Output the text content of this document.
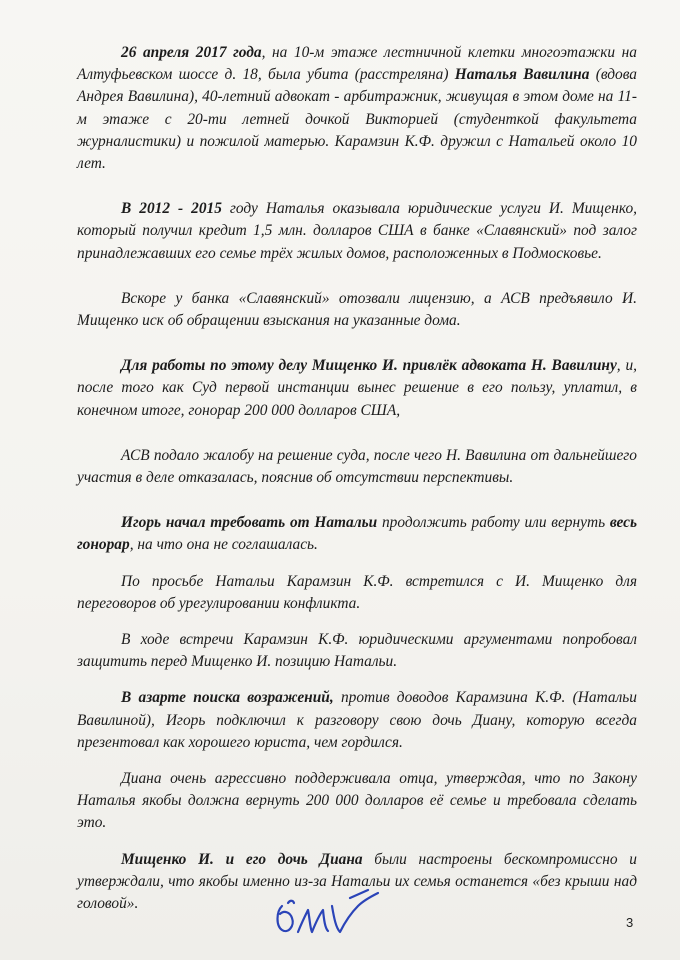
26 апреля 2017 года, на 10-м этаже лестничной клетки многоэтажки на Алтуфьевском шоссе д. 18, была убита (расстреляна) Наталья Вавилина (вдова Андрея Вавилина), 40-летний адвокат - арбитражник, живущая в этом доме на 11-м этаже с 20-ти летней дочкой Викторией (студенткой факультета журналистики) и пожилой матерью. Карамзин К.Ф. дружил с Натальей около 10 лет.

В 2012 - 2015 году Наталья оказывала юридические услуги И. Мищенко, который получил кредит 1,5 млн. долларов США в банке «Славянский» под залог принадлежавших его семье трёх жилых домов, расположенных в Подмосковье.

Вскоре у банка «Славянский» отозвали лицензию, а АСВ предъявило И. Мищенко иск об обращении взыскания на указанные дома.

Для работы по этому делу Мищенко И. привлёк адвоката Н. Вавилину, и, после того как Суд первой инстанции вынес решение в его пользу, уплатил, в конечном итоге, гонорар 200 000 долларов США,

АСВ подало жалобу на решение суда, после чего Н. Вавилина от дальнейшего участия в деле отказалась, пояснив об отсутствии перспективы.

Игорь начал требовать от Натальи продолжить работу или вернуть весь гонорар, на что она не соглашалась.

По просьбе Натальи Карамзин К.Ф. встретился с И. Мищенко для переговоров об урегулировании конфликта.

В ходе встречи Карамзин К.Ф. юридическими аргументами попробовал защитить перед Мищенко И. позицию Натальи.

В азарте поиска возражений, против доводов Карамзина К.Ф. (Натальи Вавилиной), Игорь подключил к разговору свою дочь Диану, которую всегда презентовал как хорошего юриста, чем гордился.

Диана очень агрессивно поддерживала отца, утверждая, что по Закону Наталья якобы должна вернуть 200 000 долларов её семье и требовала сделать это.

Мищенко И. и его дочь Диана были настроены бескомпромиссно и утверждали, что якобы именно из-за Натальи их семья останется «без крыши над головой».

3
